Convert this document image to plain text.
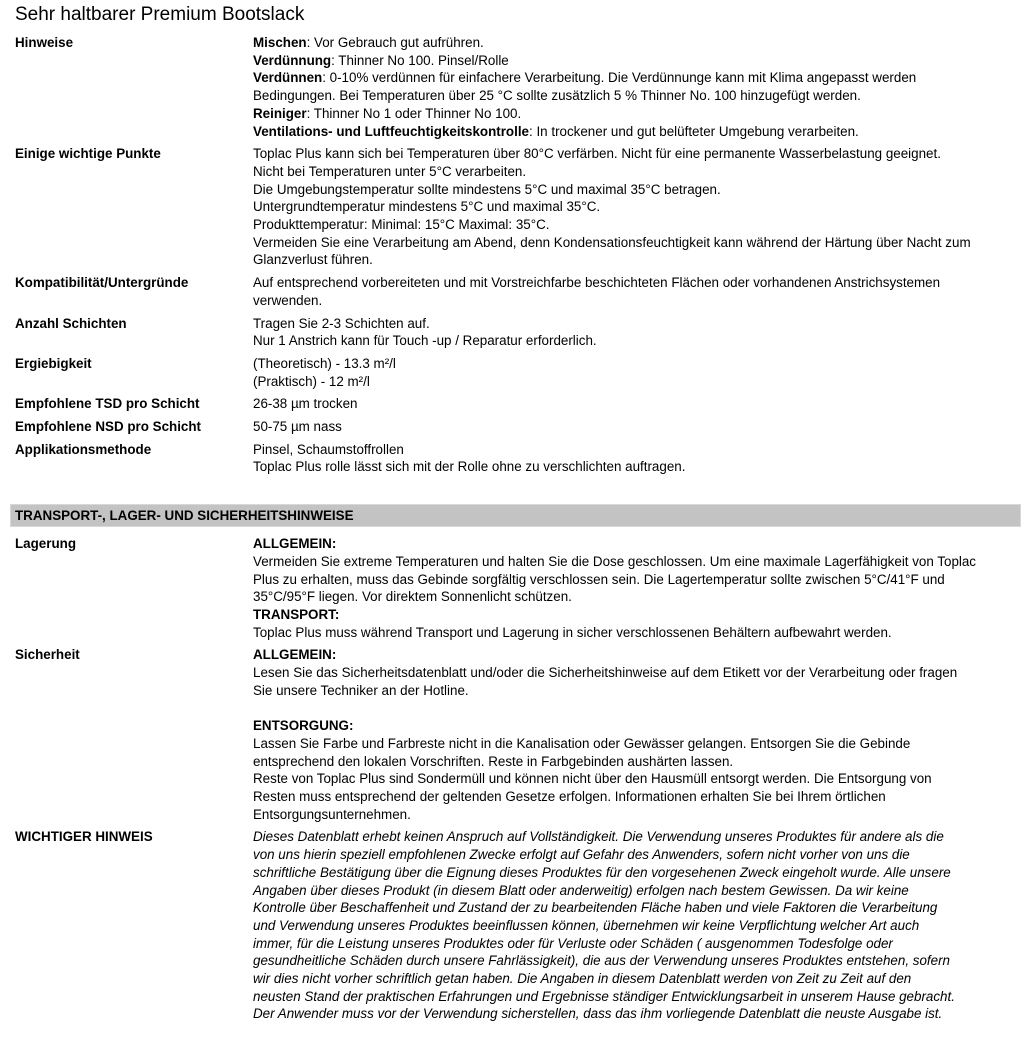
Sehr haltbarer Premium Bootslack
Hinweise	Mischen: Vor Gebrauch gut aufrühren.
Verdünnung: Thinner No 100. Pinsel/Rolle
Verdünnen: 0-10% verdünnen für einfachere Verarbeitung. Die Verdünnunge kann mit Klima angepasst werden
Bedingungen. Bei Temperaturen über 25 °C sollte zusätzlich 5 % Thinner No. 100 hinzugefügt werden.
Reiniger: Thinner No 1 oder Thinner No 100.
Ventilations- und Luftfeuchtigkeitskontrolle: In trockener und gut belüfteter Umgebung verarbeiten.
Einige wichtige Punkte	Toplac Plus kann sich bei Temperaturen über 80°C verfärben. Nicht für eine permanente Wasserbelastung geeignet.
Nicht bei Temperaturen unter 5°C verarbeiten.
Die Umgebungstemperatur sollte mindestens 5°C und maximal 35°C betragen.
Untergrundtemperatur mindestens 5°C und maximal 35°C.
Produkttemperatur: Minimal: 15°C Maximal: 35°C.
Vermeiden Sie eine Verarbeitung am Abend, denn Kondensationsfeuchtigkeit kann während der Härtung über Nacht zum
Glanzverlust führen.
Kompatibilität/Untergründe	Auf entsprechend vorbereiteten und mit Vorstreichfarbe beschichteten Flächen oder vorhandenen Anstrichsystemen
verwenden.
Anzahl Schichten	Tragen Sie 2-3 Schichten auf.
Nur 1 Anstrich kann für Touch -up / Reparatur erforderlich.
Ergiebigkeit	(Theoretisch) - 13.3 m²/l
(Praktisch) - 12 m²/l
Empfohlene TSD pro Schicht	26-38 µm trocken
Empfohlene NSD pro Schicht	50-75 µm nass
Applikationsmethode	Pinsel, Schaumstoffrollen
Toplac Plus rolle lässt sich mit der Rolle ohne zu verschlichten auftragen.
TRANSPORT-, LAGER- UND SICHERHEITSHINWEISE
Lagerung	ALLGEMEIN:
Vermeiden Sie extreme Temperaturen und halten Sie die Dose geschlossen. Um eine maximale Lagerfähigkeit von Toplac
Plus zu erhalten, muss das Gebinde sorgfältig verschlossen sein. Die Lagertemperatur sollte zwischen 5°C/41°F und
35°C/95°F liegen. Vor direktem Sonnenlicht schützen.
TRANSPORT:
Toplac Plus muss während Transport und Lagerung in sicher verschlossenen Behältern aufbewahrt werden.
Sicherheit	ALLGEMEIN:
Lesen Sie das Sicherheitsdatenblatt und/oder die Sicherheitshinweise auf dem Etikett vor der Verarbeitung oder fragen
Sie unsere Techniker an der Hotline.

ENTSORGUNG:
Lassen Sie Farbe und Farbreste nicht in die Kanalisation oder Gewässer gelangen. Entsorgen Sie die Gebinde
entsprechend den lokalen Vorschriften. Reste in Farbgebinden aushärten lassen.
Reste von Toplac Plus sind Sondermüll und können nicht über den Hausmüll entsorgt werden. Die Entsorgung von
Resten muss entsprechend der geltenden Gesetze erfolgen. Informationen erhalten Sie bei Ihrem örtlichen
Entsorgungsunternehmen.
WICHTIGER HINWEIS	Dieses Datenblatt erhebt keinen Anspruch auf Vollständigkeit. Die Verwendung unseres Produktes für andere als die
von uns hierin speziell empfohlenen Zwecke erfolgt auf Gefahr des Anwenders, sofern nicht vorher von uns die
schriftliche Bestätigung über die Eignung dieses Produktes für den vorgesehenen Zweck eingeholt wurde. Alle unsere
Angaben über dieses Produkt (in diesem Blatt oder anderweitig) erfolgen nach bestem Gewissen. Da wir keine
Kontrolle über Beschaffenheit und Zustand der zu bearbeitenden Fläche haben und viele Faktoren die Verarbeitung
und Verwendung unseres Produktes beeinflussen können, übernehmen wir keine Verpflichtung welcher Art auch
immer, für die Leistung unseres Produktes oder für Verluste oder Schäden ( ausgenommen Todesfolge oder
gesundheitliche Schäden durch unsere Fahrlässigkeit), die aus der Verwendung unseres Produktes entstehen, sofern
wir dies nicht vorher schriftlich getan haben. Die Angaben in diesem Datenblatt werden von Zeit zu Zeit auf den
neusten Stand der praktischen Erfahrungen und Ergebnisse ständiger Entwicklungsarbeit in unserem Hause gebracht.
Der Anwender muss vor der Verwendung sicherstellen, dass das ihm vorliegende Datenblatt die neuste Ausgabe ist.
